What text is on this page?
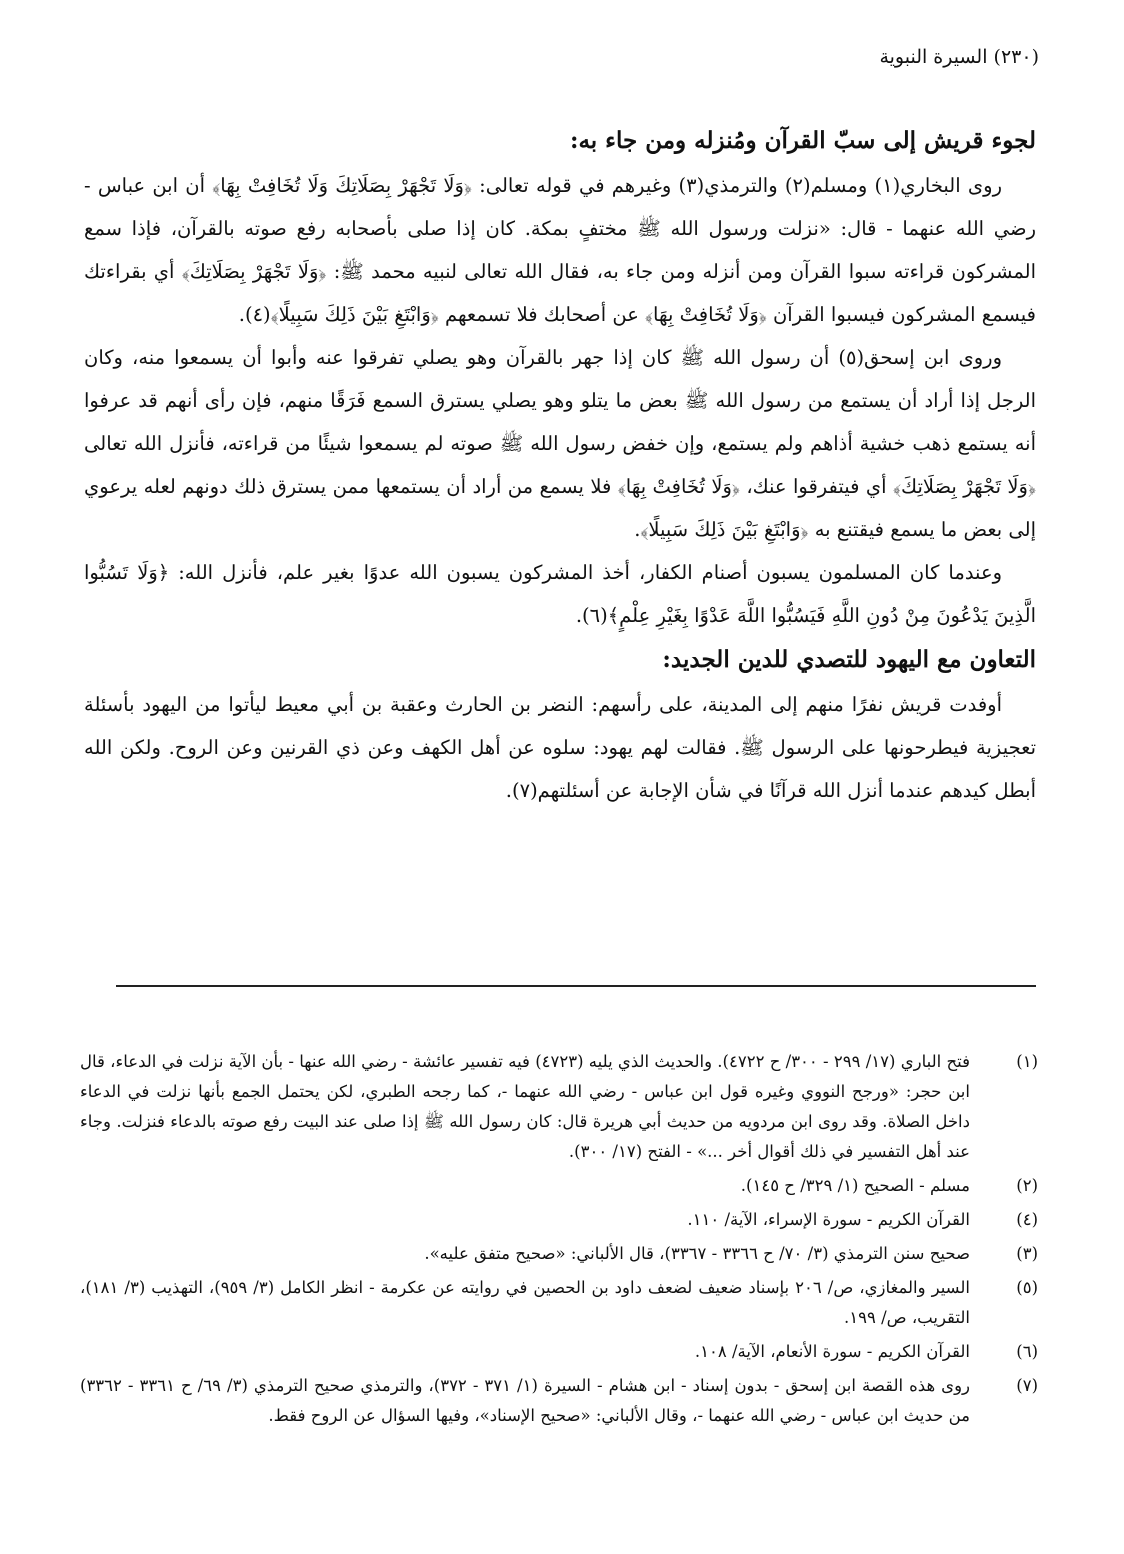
(٢٣٠) السيرة النبوية
لجوء قريش إلى سبّ القرآن ومُنزله ومن جاء به:

روى البخاري(١) ومسلم(٢) والترمذي(٣) وغيرهم في قوله تعالى: ﴿وَلَا تَجْهَرْ بِصَلَاتِكَ وَلَا تُخَافِتْ بِهَا﴾ أن ابن عباس - رضي الله عنهما - قال: «نزلت ورسول الله ﷺ مختفٍ بمكة. كان إذا صلى بأصحابه رفع صوته بالقرآن، فإذا سمع المشركون قراءته سبوا القرآن ومن أنزله ومن جاء به، فقال الله تعالى لنبيه محمد ﷺ: ﴿وَلَا تَجْهَرْ بِصَلَاتِكَ﴾ أي بقراءتك فيسمع المشركون فيسبوا القرآن ﴿وَلَا تُخَافِتْ بِهَا﴾ عن أصحابك فلا تسمعهم ﴿وَابْتَغِ بَيْنَ ذَلِكَ سَبِيلًا﴾(٤).

وروى ابن إسحق(٥) أن رسول الله ﷺ كان إذا جهر بالقرآن وهو يصلي تفرقوا عنه وأبوا أن يسمعوا منه، وكان الرجل إذا أراد أن يستمع من رسول الله ﷺ بعض ما يتلو وهو يصلي يسترق السمع فَرَقًا منهم، فإن رأى أنهم قد عرفوا أنه يستمع ذهب خشية أذاهم ولم يستمع، وإن خفض رسول الله ﷺ صوته لم يسمعوا شيئًا من قراءته، فأنزل الله تعالى ﴿وَلَا تَجْهَرْ بِصَلَاتِكَ﴾ أي فيتفرقوا عنك، ﴿وَلَا تُخَافِتْ بِهَا﴾ فلا يسمع من أراد أن يستمعها ممن يسترق ذلك دونهم لعله يرعوي إلى بعض ما يسمع فيقتنع به ﴿وَابْتَغِ بَيْنَ ذَلِكَ سَبِيلًا﴾.

وعندما كان المسلمون يسبون أصنام الكفار، أخذ المشركون يسبون الله عدوًا بغير علم، فأنزل الله: ﴿وَلَا تَسُبُّوا الَّذِينَ يَدْعُونَ مِنْ دُونِ اللَّهِ فَيَسُبُّوا اللَّهَ عَدْوًا بِغَيْرِ عِلْمٍ﴾(٦).

التعاون مع اليهود للتصدي للدين الجديد:

أوفدت قريش نفرًا منهم إلى المدينة، على رأسهم: النضر بن الحارث وعقبة بن أبي معيط ليأتوا من اليهود بأسئلة تعجيزية فيطرحونها على الرسول ﷺ. فقالت لهم يهود: سلوه عن أهل الكهف وعن ذي القرنين وعن الروح. ولكن الله أبطل كيدهم عندما أنزل الله قرآنًا في شأن الإجابة عن أسئلتهم(٧).

(١)
فتح الباري (١٧/ ٢٩٩ - ٣٠٠/ ح ٤٧٢٢). والحديث الذي يليه (٤٧٢٣) فيه تفسير عائشة - رضي الله عنها - بأن الآية نزلت في الدعاء، قال ابن حجر: «ورجح النووي وغيره قول ابن عباس - رضي الله عنهما -، كما رجحه الطبري، لكن يحتمل الجمع بأنها نزلت في الدعاء داخل الصلاة. وقد روى ابن مردويه من حديث أبي هريرة قال: كان رسول الله ﷺ إذا صلى عند البيت رفع صوته بالدعاء فنزلت. وجاء عند أهل التفسير في ذلك أقوال أخر ...» - الفتح (١٧/ ٣٠٠).
(٢)
مسلم - الصحيح (١/ ٣٢٩/ ح ١٤٥).
(٤)
القرآن الكريم - سورة الإسراء، الآية/ ١١٠.
(٣)
صحيح سنن الترمذي (٣/ ٧٠/ ح ٣٣٦٦ - ٣٣٦٧)، قال الألباني: «صحيح متفق عليه».
(٥)
السير والمغازي، ص/ ٢٠٦ بإسناد ضعيف لضعف داود بن الحصين في روايته عن عكرمة - انظر الكامل (٣/ ٩٥٩)، التهذيب (٣/ ١٨١)، التقريب، ص/ ١٩٩.
(٦)
القرآن الكريم - سورة الأنعام، الآية/ ١٠٨.
(٧)
روى هذه القصة ابن إسحق - بدون إسناد - ابن هشام - السيرة (١/ ٣٧١ - ٣٧٢)، والترمذي صحيح الترمذي (٣/ ٦٩/ ح ٣٣٦١ - ٣٣٦٢) من حديث ابن عباس - رضي الله عنهما -، وقال الألباني: «صحيح الإسناد»، وفيها السؤال عن الروح فقط.
